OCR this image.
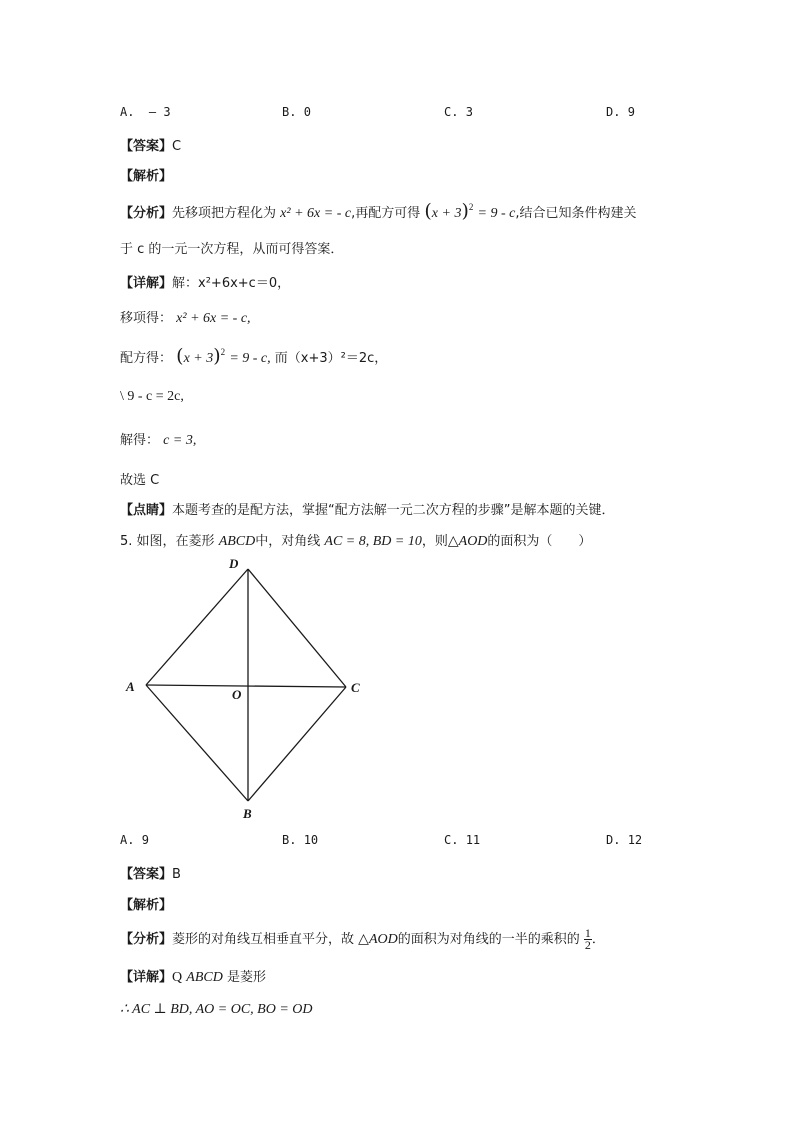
A. – 3	B. 0	C. 3	D. 9
【答案】C
【解析】
【分析】先移项把方程化为 x² + 6x = - c,再配方可得 $(x + 3)^2 = 9 - c$,结合已知条件构建关
于 c 的一元一次方程，从而可得答案．
【详解】解：x²+6x+c＝0，
移项得： x² + 6x = - c,
配方得： $(x + 3)^2 = 9 - c$, 而（x+3）²＝2c，
\ 9 - c = 2c,
解得： c = 3,
故选 C
【点睛】本题考查的是配方法，掌握“配方法解一元二次方程的步骤”是解本题的关键．
5. 如图，在菱形 ABCD中，对角线 AC = 8, BD = 10，则△AOD的面积为（　　）
D
A
O	C
B
A. 9	B. 10	C. 11	D. 12
【答案】B
【解析】
【分析】菱形的对角线互相垂直平分，故 △AOD的面积为对角线的一半的乘积的 $\frac{1}{2}$ ．
【详解】Q ABCD 是菱形
∴ AC ⊥ BD, AO = OC, BO = OD
